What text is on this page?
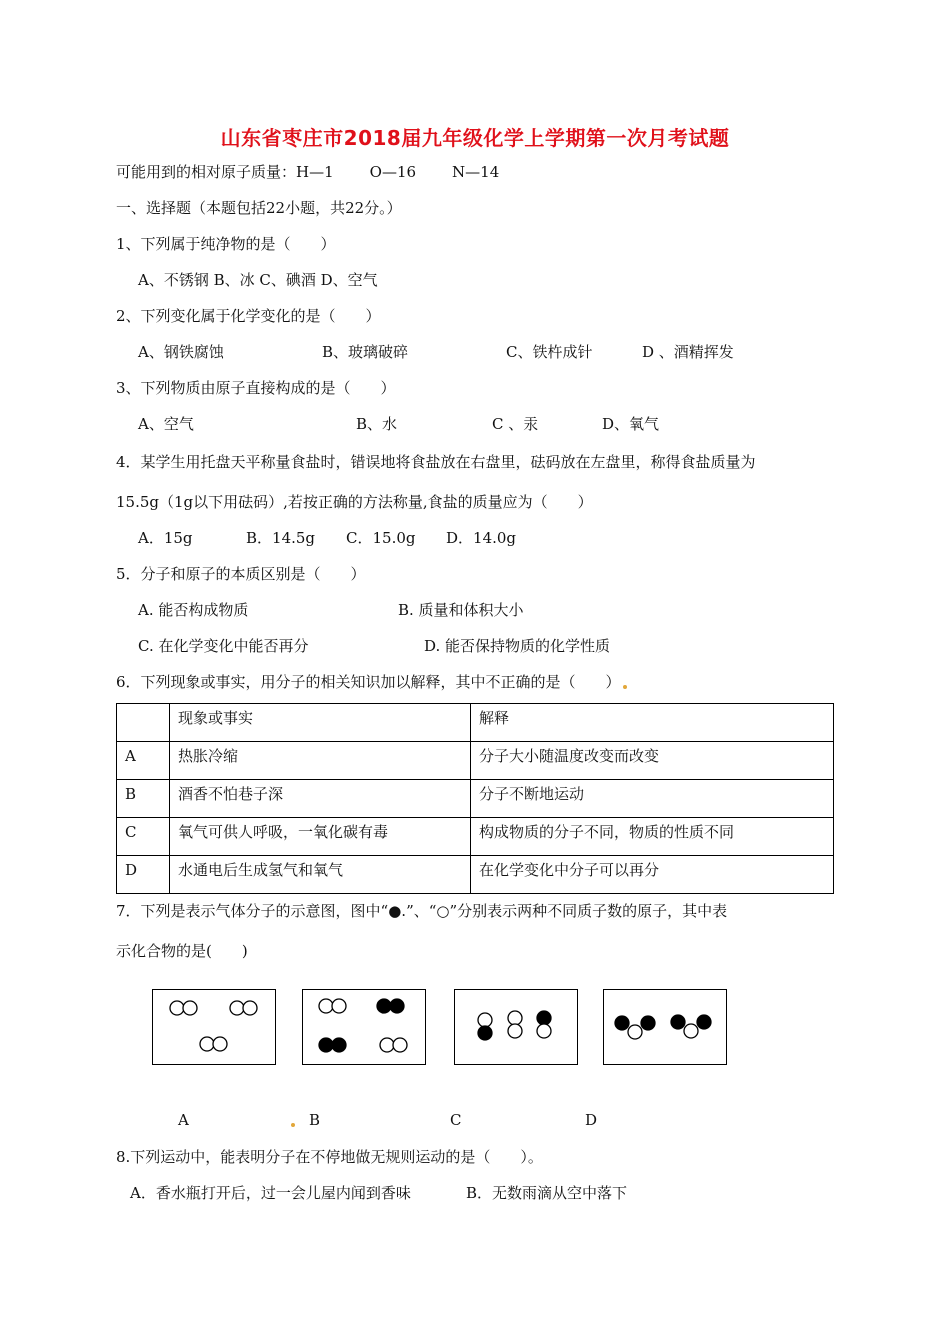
山东省枣庄市2018届九年级化学上学期第一次月考试题
可能用到的相对原子质量：H—1 O—16 N—14
一、选择题（本题包括22小题，共22分。）
1、下列属于纯净物的是（　　）
A、不锈钢 B、冰 C、碘酒 D、空气
2、下列变化属于化学变化的是（　　）
A、钢铁腐蚀	B、玻璃破碎	C、铁杵成针	D 、酒精挥发
3、下列物质由原子直接构成的是（　　）
A、空气	B、水	C 、汞	D、氧气
4．某学生用托盘天平称量食盐时，错误地将食盐放在右盘里，砝码放在左盘里，称得食盐质量为
15.5g（1g以下用砝码）,若按正确的方法称量,食盐的质量应为（　　）
A．15g	B．14.5g C．15.0g D．14.0g
5．分子和原子的本质区别是（　　）
A. 能否构成物质	B. 质量和体积大小
C. 在化学变化中能否再分	D. 能否保持物质的化学性质
6．下列现象或事实，用分子的相关知识加以解释，其中不正确的是（　　）
	现象或事实	解释
A	热胀冷缩	分子大小随温度改变而改变
B	酒香不怕巷子深	分子不断地运动
C	氧气可供人呼吸，一氧化碳有毒	构成物质的分子不同，物质的性质不同
D	水通电后生成氢气和氧气	在化学变化中分子可以再分
7．下列是表示气体分子的示意图，图中“●.”、“○”分别表示两种不同质子数的原子，其中表
示化合物的是(　　)
A	B	C	D
8.下列运动中，能表明分子在不停地做无规则运动的是（　　）。
A．香水瓶打开后，过一会儿屋内闻到香味	B．无数雨滴从空中落下
